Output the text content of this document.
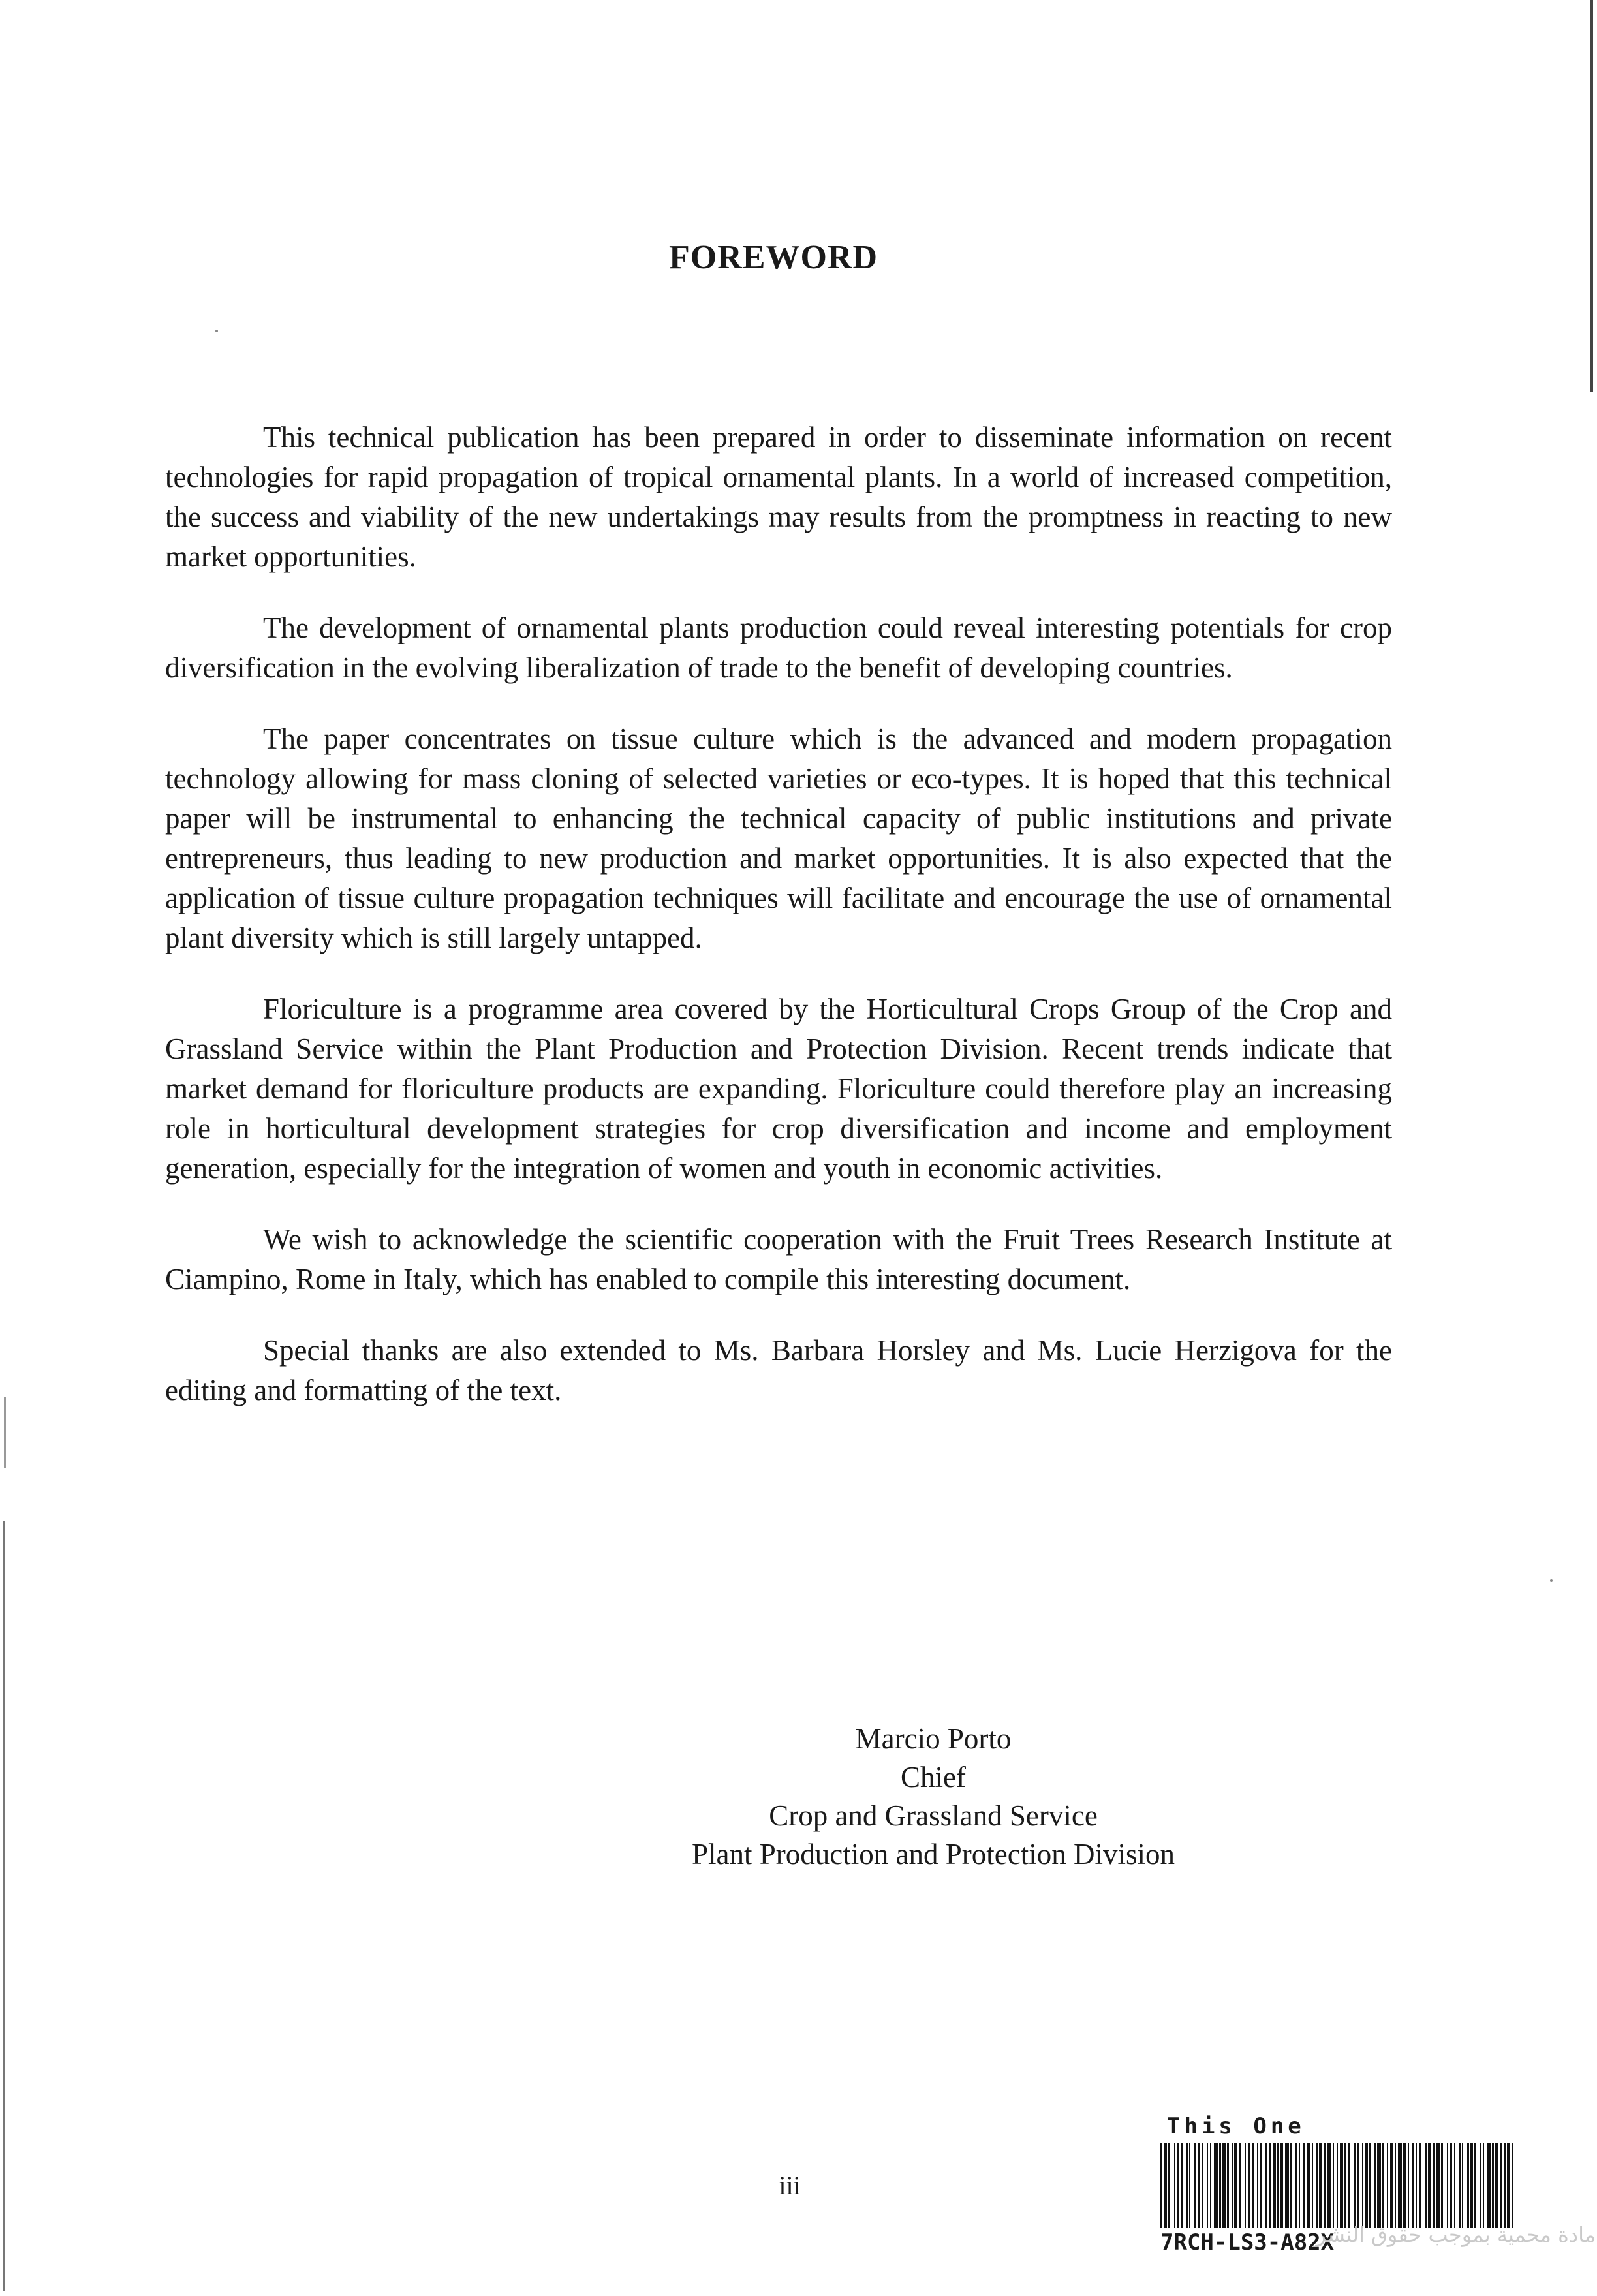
FOREWORD

This technical publication has been prepared in order to disseminate information on recent technologies for rapid propagation of tropical ornamental plants. In a world of increased competition, the success and viability of the new undertakings may results from the promptness in reacting to new market opportunities.

The development of ornamental plants production could reveal interesting potentials for crop diversification in the evolving liberalization of trade to the benefit of developing countries.

The paper concentrates on tissue culture which is the advanced and modern propagation technology allowing for mass cloning of selected varieties or eco-types. It is hoped that this technical paper will be instrumental to enhancing the technical capacity of public institutions and private entrepreneurs, thus leading to new production and market opportunities. It is also expected that the application of tissue culture propagation techniques will facilitate and encourage the use of ornamental plant diversity which is still largely untapped.

Floriculture is a programme area covered by the Horticultural Crops Group of the Crop and Grassland Service within the Plant Production and Protection Division. Recent trends indicate that market demand for floriculture products are expanding. Floriculture could therefore play an increasing role in horticultural development strategies for crop diversification and income and employment generation, especially for the integration of women and youth in economic activities.

We wish to acknowledge the scientific cooperation with the Fruit Trees Research Institute at Ciampino, Rome in Italy, which has enabled to compile this interesting document.

Special thanks are also extended to Ms. Barbara Horsley and Ms. Lucie Herzigova for the editing and formatting of the text.

Marcio Porto
Chief
Crop and Grassland Service
Plant Production and Protection Division
iii
This One
7RCH-LS3-A82X
مادة محمية بموجب حقوق النشر
